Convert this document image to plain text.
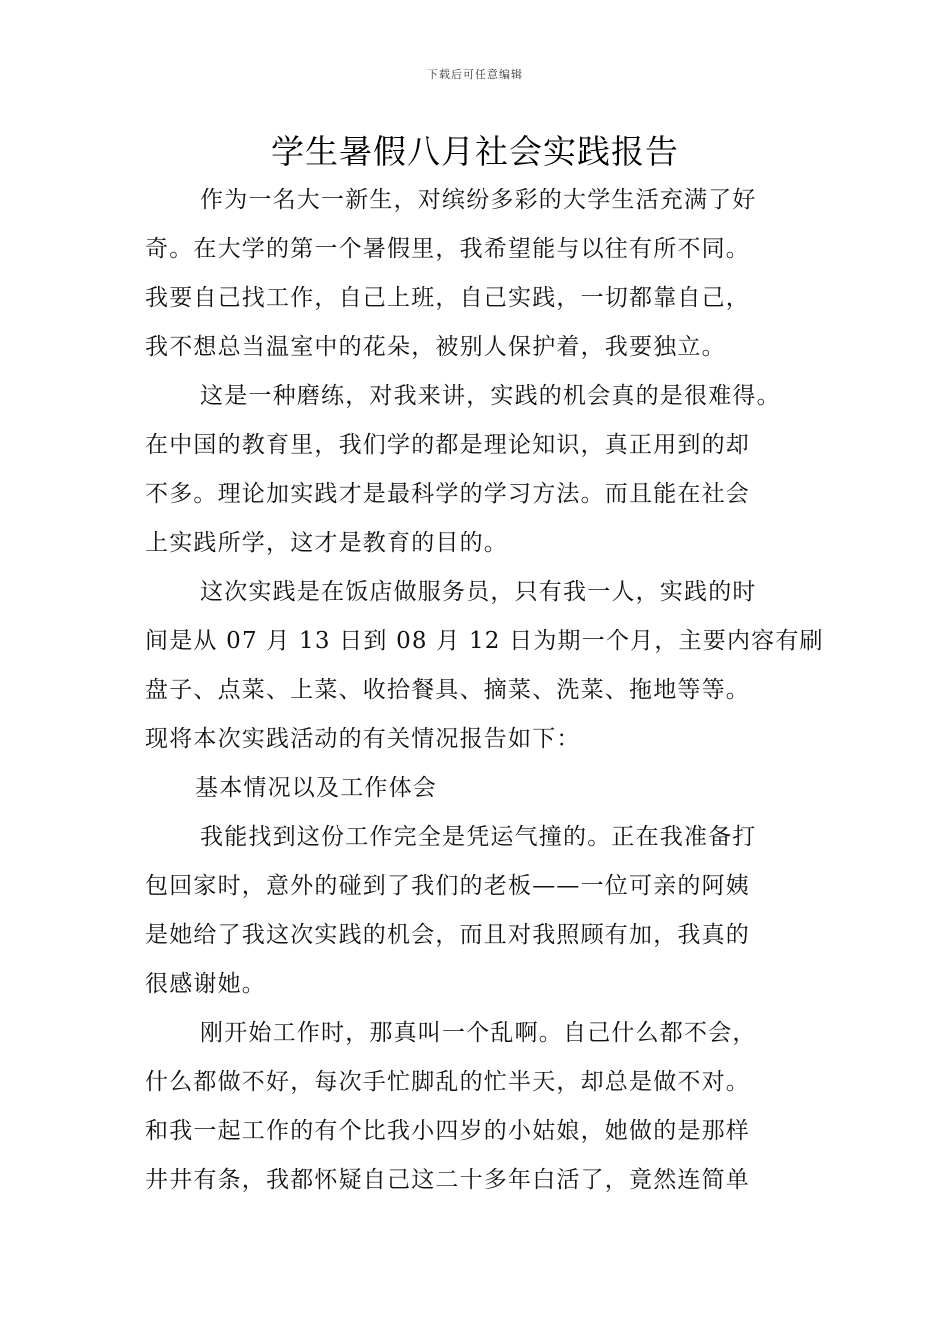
下载后可任意编辑
学生暑假八月社会实践报告
作为一名大一新生，对缤纷多彩的大学生活充满了好
奇。在大学的第一个暑假里，我希望能与以往有所不同。
我要自己找工作，自己上班，自己实践，一切都靠自己，
我不想总当温室中的花朵，被别人保护着，我要独立。
这是一种磨练，对我来讲，实践的机会真的是很难得。
在中国的教育里，我们学的都是理论知识，真正用到的却
不多。理论加实践才是最科学的学习方法。而且能在社会
上实践所学，这才是教育的目的。
这次实践是在饭店做服务员，只有我一人，实践的时
间是从 07 月 13 日到 08 月 12 日为期一个月，主要内容有刷
盘子、点菜、上菜、收拾餐具、摘菜、洗菜、拖地等等。
现将本次实践活动的有关情况报告如下：
基本情况以及工作体会
我能找到这份工作完全是凭运气撞的。正在我准备打
包回家时，意外的碰到了我们的老板——一位可亲的阿姨
是她给了我这次实践的机会，而且对我照顾有加，我真的
很感谢她。
刚开始工作时，那真叫一个乱啊。自己什么都不会，
什么都做不好，每次手忙脚乱的忙半天，却总是做不对。
和我一起工作的有个比我小四岁的小姑娘，她做的是那样
井井有条，我都怀疑自己这二十多年白活了，竟然连简单
